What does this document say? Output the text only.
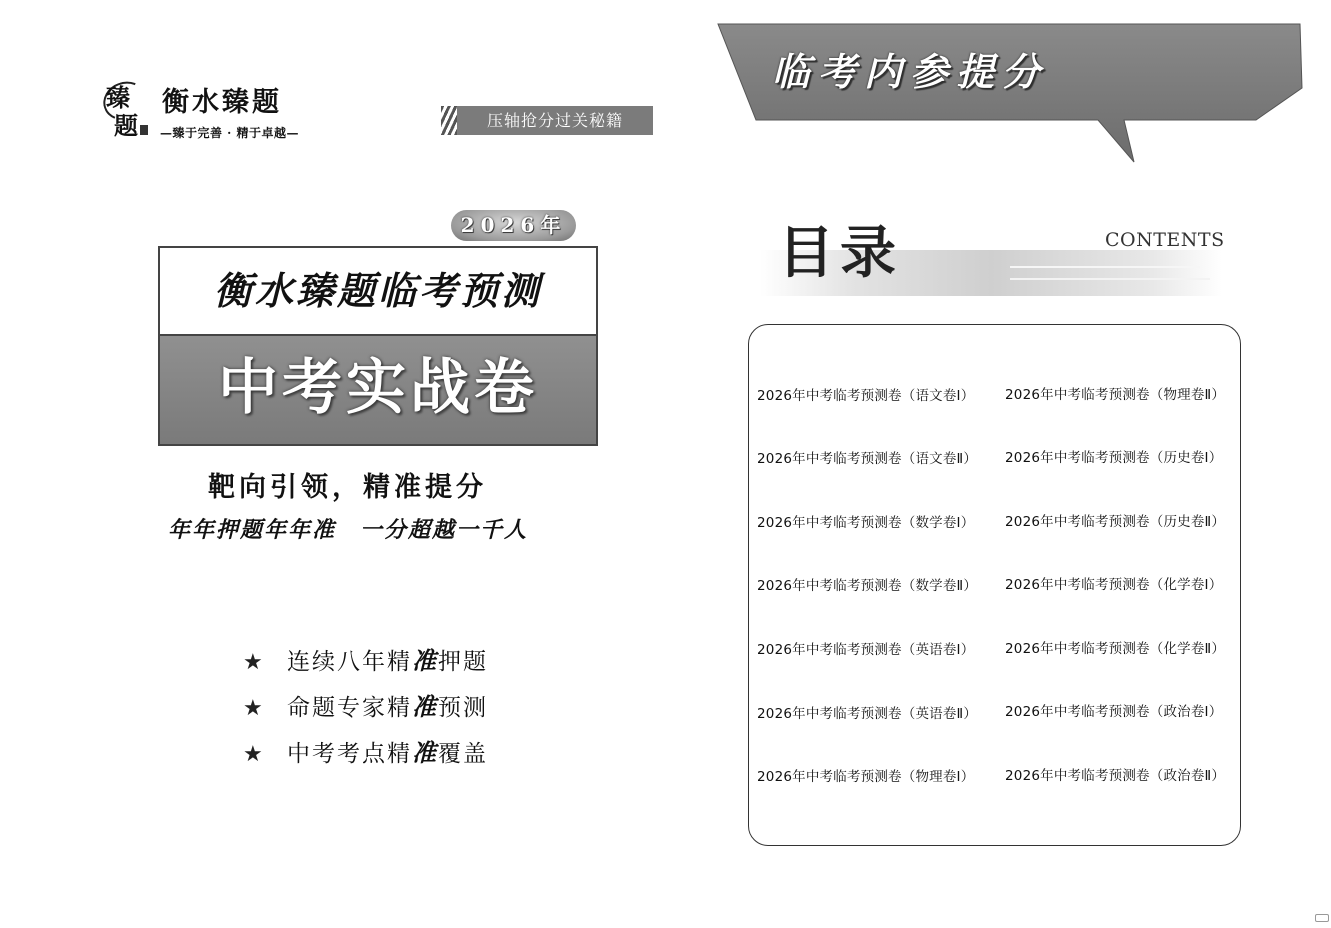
臻
题
衡水臻题
—臻于完善 · 精于卓越—
压轴抢分过关秘籍
2026年
衡水臻题临考预测
中考实战卷
靶向引领，精准提分
年年押题年年准　一分超越一千人
★ 连续八年精准押题
★ 命题专家精准预测
★ 中考考点精准覆盖
临考内参提分
目录	CONTENTS
2026年中考临考预测卷（语文卷Ⅰ）
2026年中考临考预测卷（语文卷Ⅱ）
2026年中考临考预测卷（数学卷Ⅰ）
2026年中考临考预测卷（数学卷Ⅱ）
2026年中考临考预测卷（英语卷Ⅰ）
2026年中考临考预测卷（英语卷Ⅱ）
2026年中考临考预测卷（物理卷Ⅰ）
2026年中考临考预测卷（物理卷Ⅱ）
2026年中考临考预测卷（历史卷Ⅰ）
2026年中考临考预测卷（历史卷Ⅱ）
2026年中考临考预测卷（化学卷Ⅰ）
2026年中考临考预测卷（化学卷Ⅱ）
2026年中考临考预测卷（政治卷Ⅰ）
2026年中考临考预测卷（政治卷Ⅱ）
